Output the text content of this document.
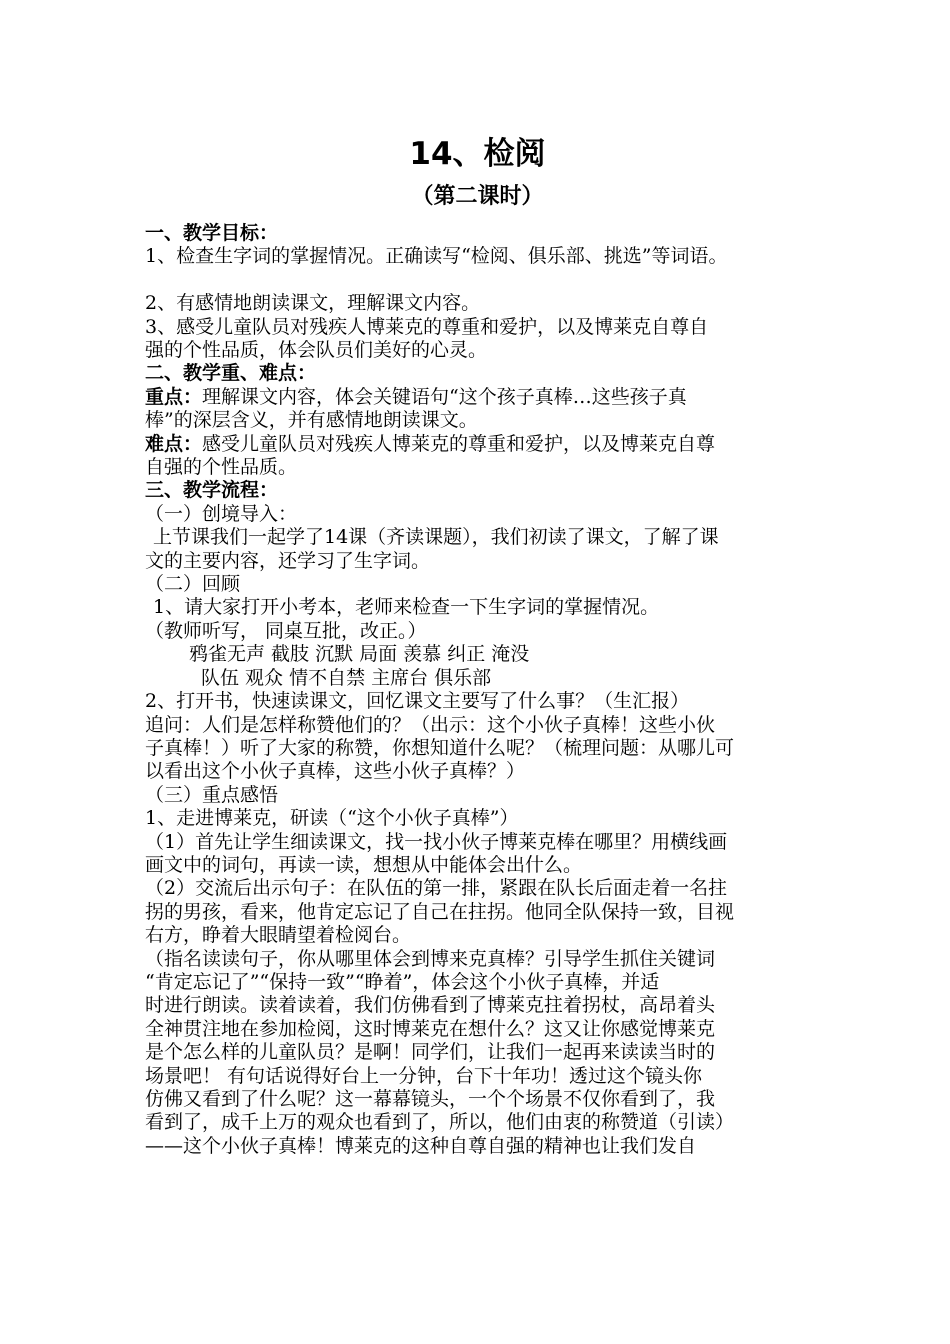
14、检阅
（第二课时）

一、教学目标：

1、检查生字词的掌握情况。正确读写“检阅、俱乐部、挑选”等词语。

2、有感情地朗读课文，理解课文内容。

3、感受儿童队员对残疾人博莱克的尊重和爱护，以及博莱克自尊自

强的个性品质，体会队员们美好的心灵。

二、教学重、难点：

重点：理解课文内容，体会关键语句“这个孩子真棒…这些孩子真

棒”的深层含义，并有感情地朗读课文。

难点：感受儿童队员对残疾人博莱克的尊重和爱护，以及博莱克自尊

自强的个性品质。

三、教学流程：

（一）创境导入：

上节课我们一起学了14课（齐读课题），我们初读了课文，了解了课

文的主要内容，还学习了生字词。

（二）回顾

1、请大家打开小考本，老师来检查一下生字词的掌握情况。

（教师听写， 同桌互批，改正。）

鸦雀无声 截肢 沉默 局面 羡慕 纠正 淹没

队伍 观众 情不自禁 主席台 俱乐部

2、打开书，快速读课文，回忆课文主要写了什么事？（生汇报）

追问：人们是怎样称赞他们的？（出示：这个小伙子真棒！这些小伙

子真棒！）听了大家的称赞，你想知道什么呢？（梳理问题：从哪儿可

以看出这个小伙子真棒，这些小伙子真棒？）

（三）重点感悟

1、走进博莱克，研读（“这个小伙子真棒”）

（1）首先让学生细读课文，找一找小伙子博莱克棒在哪里？用横线画

画文中的词句，再读一读，想想从中能体会出什么。

（2）交流后出示句子：在队伍的第一排，紧跟在队长后面走着一名拄

拐的男孩，看来，他肯定忘记了自己在拄拐。他同全队保持一致，目视

右方，睁着大眼睛望着检阅台。

（指名读读句子，你从哪里体会到博来克真棒？引导学生抓住关键词

“肯定忘记了”“保持一致”“睁着”，体会这个小伙子真棒，并适

时进行朗读。读着读着，我们仿佛看到了博莱克拄着拐杖，高昂着头

全神贯注地在参加检阅，这时博莱克在想什么？这又让你感觉博莱克

是个怎么样的儿童队员？是啊！同学们，让我们一起再来读读当时的

场景吧！ 有句话说得好台上一分钟，台下十年功！透过这个镜头你

仿佛又看到了什么呢？这一幕幕镜头，一个个场景不仅你看到了，我

看到了，成千上万的观众也看到了，所以，他们由衷的称赞道（引读）

——这个小伙子真棒！博莱克的这种自尊自强的精神也让我们发自
